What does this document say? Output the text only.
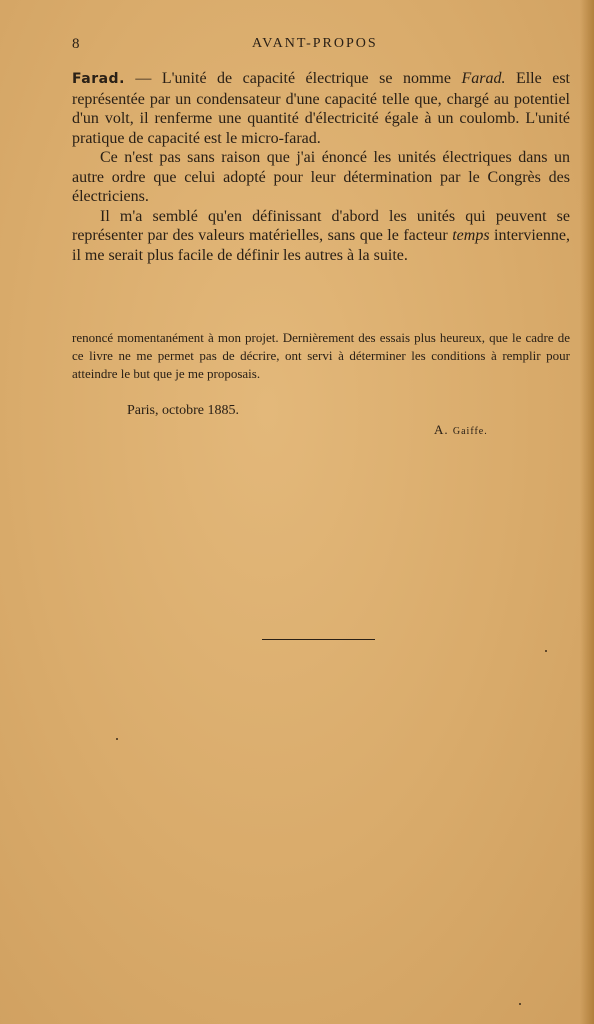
8	AVANT-PROPOS

Farad. — L'unité de capacité électrique se nomme Farad. Elle est représentée par un condensateur d'une capacité telle que, chargé au potentiel d'un volt, il renferme une quantité d'électricité égale à un coulomb. L'unité pratique de capacité est le micro-farad.

Ce n'est pas sans raison que j'ai énoncé les unités électriques dans un autre ordre que celui adopté pour leur détermination par le Congrès des électriciens.

Il m'a semblé qu'en définissant d'abord les unités qui peuvent se représenter par des valeurs matérielles, sans que le facteur temps intervienne, il me serait plus facile de définir les autres à la suite.

renoncé momentanément à mon projet. Dernièrement des essais plus heureux, que le cadre de ce livre ne me permet pas de décrire, ont servi à déterminer les conditions à remplir pour atteindre le but que je me proposais.
Paris, octobre 1885.
A. Gaiffe.
